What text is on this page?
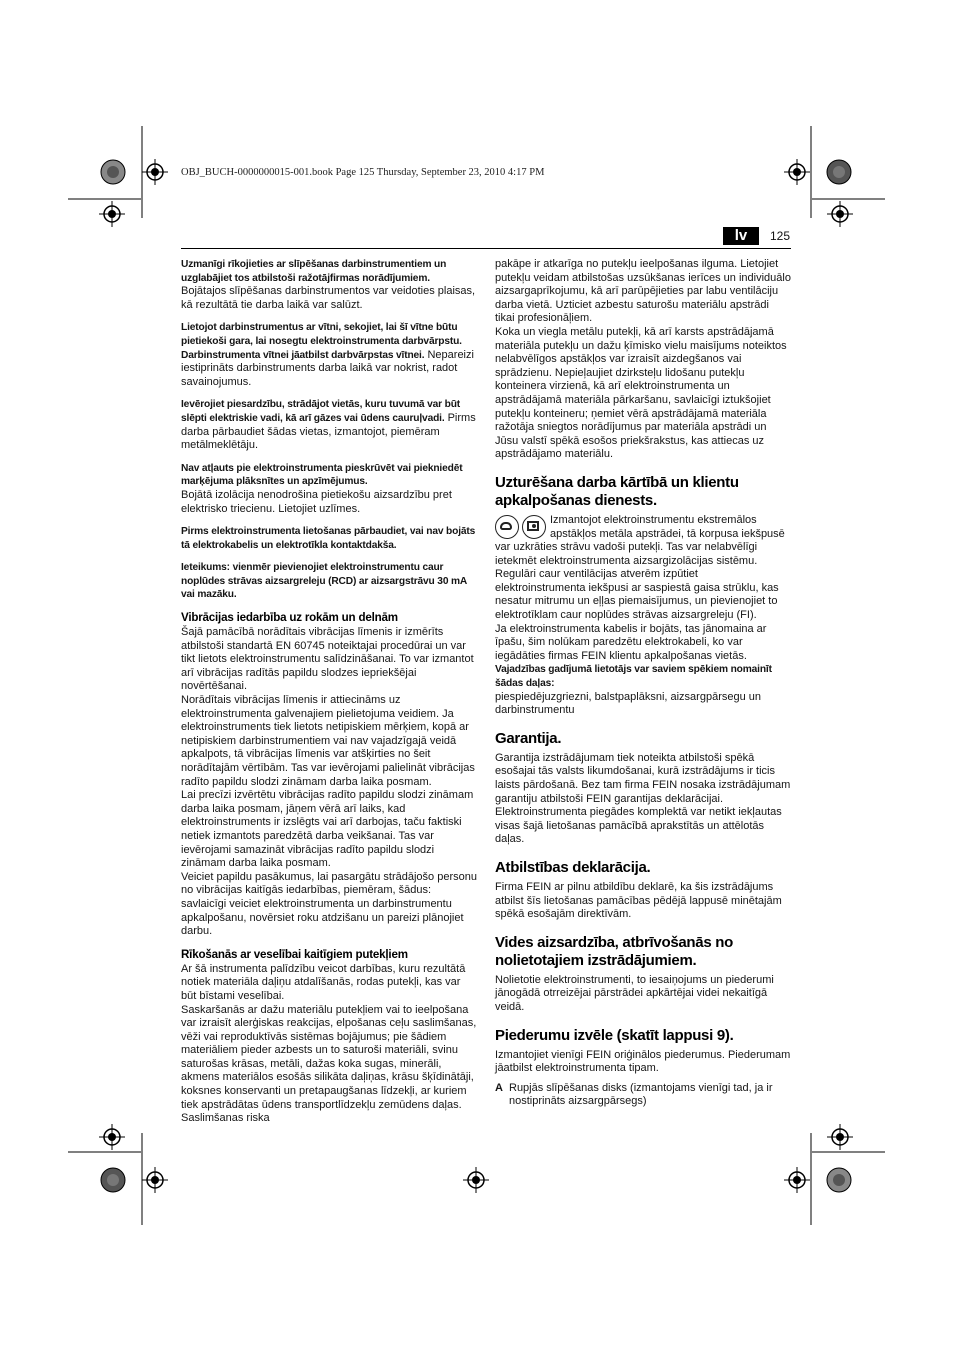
OBJ_BUCH-0000000015-001.book Page 125 Thursday, September 23, 2010 4:17 PM
lv	125

Uzmanīgi rīkojieties ar slīpēšanas darbinstrumentiem un uzglabājiet tos atbilstoši ražotājfirmas norādījumiem.

Bojātajos slīpēšanas darbinstrumentos var veidoties plaisas, kā rezultātā tie darba laikā var salūzt.

Lietojot darbinstrumentus ar vītni, sekojiet, lai šī vītne būtu pietiekoši gara, lai nosegtu elektroinstrumenta darbvārpstu. Darbinstrumenta vītnei jāatbilst darbvārpstas vītnei. Nepareizi iestiprināts darbinstruments darba laikā var nokrist, radot savainojumus.

Ievērojiet piesardzību, strādājot vietās, kuru tuvumā var būt slēpti elektriskie vadi, kā arī gāzes vai ūdens cauruļvadi. Pirms darba pārbaudiet šādas vietas, izmantojot, piemēram metālmeklētāju.

Nav atļauts pie elektroinstrumenta pieskrūvēt vai piekniedēt marķējuma plāksnītes un apzīmējumus.

Bojātā izolācija nenodrošina pietiekošu aizsardzību pret elektrisko triecienu. Lietojiet uzlīmes.

Pirms elektroinstrumenta lietošanas pārbaudiet, vai nav bojāts tā elektrokabelis un elektrotīkla kontaktdakša.

Ieteikums: vienmēr pievienojiet elektroinstrumentu caur noplūdes strāvas aizsargreleju (RCD) ar aizsargstrāvu 30 mA vai mazāku.

Vibrācijas iedarbība uz rokām un delnām

Šajā pamācībā norādītais vibrācijas līmenis ir izmērīts atbilstoši standartā EN 60745 noteiktajai procedūrai un var tikt lietots elektroinstrumentu salīdzināšanai. To var izmantot arī vibrācijas radītās papildu slodzes iepriekšējai novērtēšanai.

Norādītais vibrācijas līmenis ir attiecināms uz elektroinstrumenta galvenajiem pielietojuma veidiem. Ja elektroinstruments tiek lietots netipiskiem mērķiem, kopā ar netipiskiem darbinstrumentiem vai nav vajadzīgajā veidā apkalpots, tā vibrācijas līmenis var atšķirties no šeit norādītajām vērtībām. Tas var ievērojami palielināt vibrācijas radīto papildu slodzi zināmam darba laika posmam.

Lai precīzi izvērtētu vibrācijas radīto papildu slodzi zināmam darba laika posmam, jāņem vērā arī laiks, kad elektroinstruments ir izslēgts vai arī darbojas, taču faktiski netiek izmantots paredzētā darba veikšanai. Tas var ievērojami samazināt vibrācijas radīto papildu slodzi zināmam darba laika posmam.

Veiciet papildu pasākumus, lai pasargātu strādājošo personu no vibrācijas kaitīgās iedarbības, piemēram, šādus: savlaicīgi veiciet elektroinstrumenta un darbinstrumentu apkalpošanu, novērsiet roku atdzišanu un pareizi plānojiet darbu.

Rīkošanās ar veselībai kaitīgiem putekļiem

Ar šā instrumenta palīdzību veicot darbības, kuru rezultātā notiek materiāla daļiņu atdalīšanās, rodas putekļi, kas var būt bīstami veselībai.

Saskaršanās ar dažu materiālu putekļiem vai to ieelpošana var izraisīt alerģiskas reakcijas, elpošanas ceļu saslimšanas, vēži vai reproduktīvās sistēmas bojājumus; pie šādiem materiāliem pieder azbests un to saturoši materiāli, svinu saturošas krāsas, metāli, dažas koka sugas, minerāli, akmens materiālos esošās silikāta daļiņas, krāsu šķīdinātāji, koksnes konservanti un pretapaugšanas līdzekļi, ar kuriem tiek apstrādātas ūdens transportlīdzekļu zemūdens daļas. Saslimšanas riska

pakāpe ir atkarīga no putekļu ieelpošanas ilguma. Lietojiet putekļu veidam atbilstošas uzsūkšanas ierīces un individuālo aizsargaprīkojumu, kā arī parūpējieties par labu ventilāciju darba vietā. Uzticiet azbestu saturošu materiālu apstrādi tikai profesionāļiem.

Koka un viegla metālu putekļi, kā arī karsts apstrādājamā materiāla putekļu un dažu ķīmisko vielu maisījums noteiktos nelabvēlīgos apstākļos var izraisīt aizdegšanos vai sprādzienu. Nepieļaujiet dzirksteļu lidošanu putekļu konteinera virzienā, kā arī elektroinstrumenta un apstrādājamā materiāla pārkaršanu, savlaicīgi iztukšojiet putekļu konteineru; ņemiet vērā apstrādājamā materiāla ražotāja sniegtos norādījumus par materiāla apstrādi un Jūsu valstī spēkā esošos priekšrakstus, kas attiecas uz apstrādājamo materiālu.

Uzturēšana darba kārtībā un klientu apkalpošanas dienests.

Izmantojot elektroinstrumentu ekstremālos apstākļos metāla apstrādei, tā korpusa iekšpusē var uzkrāties strāvu vadoši putekļi. Tas var nelabvēlīgi ietekmēt elektroinstrumenta aizsargizolācijas sistēmu. Regulāri caur ventilācijas atverēm izpūtiet elektroinstrumenta iekšpusi ar saspiestā gaisa strūklu, kas nesatur mitrumu un eļļas piemaisījumus, un pievienojiet to elektrotīklam caur noplūdes strāvas aizsargreleju (FI).

Ja elektroinstrumenta kabelis ir bojāts, tas jānomaina ar īpašu, šim nolūkam paredzētu elektrokabeli, ko var iegādāties firmas FEIN klientu apkalpošanas vietās.

Vajadzības gadījumā lietotājs var saviem spēkiem nomainīt šādas daļas:

piespiedējuzgriezni, balstpaplāksni, aizsargpārsegu un darbinstrumentu

Garantija.

Garantija izstrādājumam tiek noteikta atbilstoši spēkā esošajai tās valsts likumdošanai, kurā izstrādājums ir ticis laists pārdošanā. Bez tam firma FEIN nosaka izstrādājumam garantiju atbilstoši FEIN garantijas deklarācijai.

Elektroinstrumenta piegādes komplektā var netikt iekļautas visas šajā lietošanas pamācībā aprakstītās un attēlotās daļas.

Atbilstības deklarācija.

Firma FEIN ar pilnu atbildību deklarē, ka šis izstrādājums atbilst šīs lietošanas pamācības pēdējā lappusē minētajām spēkā esošajām direktīvām.

Vides aizsardzība, atbrīvošanās no nolietotajiem izstrādājumiem.

Nolietotie elektroinstrumenti, to iesaiņojums un piederumi jānogādā otrreizējai pārstrādei apkārtējai videi nekaitīgā veidā.

Piederumu izvēle (skatīt lappusi 9).

Izmantojiet vienīgi FEIN oriģinālos piederumus. Piederumam jāatbilst elektroinstrumenta tipam.

A Rupjās slīpēšanas disks (izmantojams vienīgi tad, ja ir nostiprināts aizsargpārsegs)
